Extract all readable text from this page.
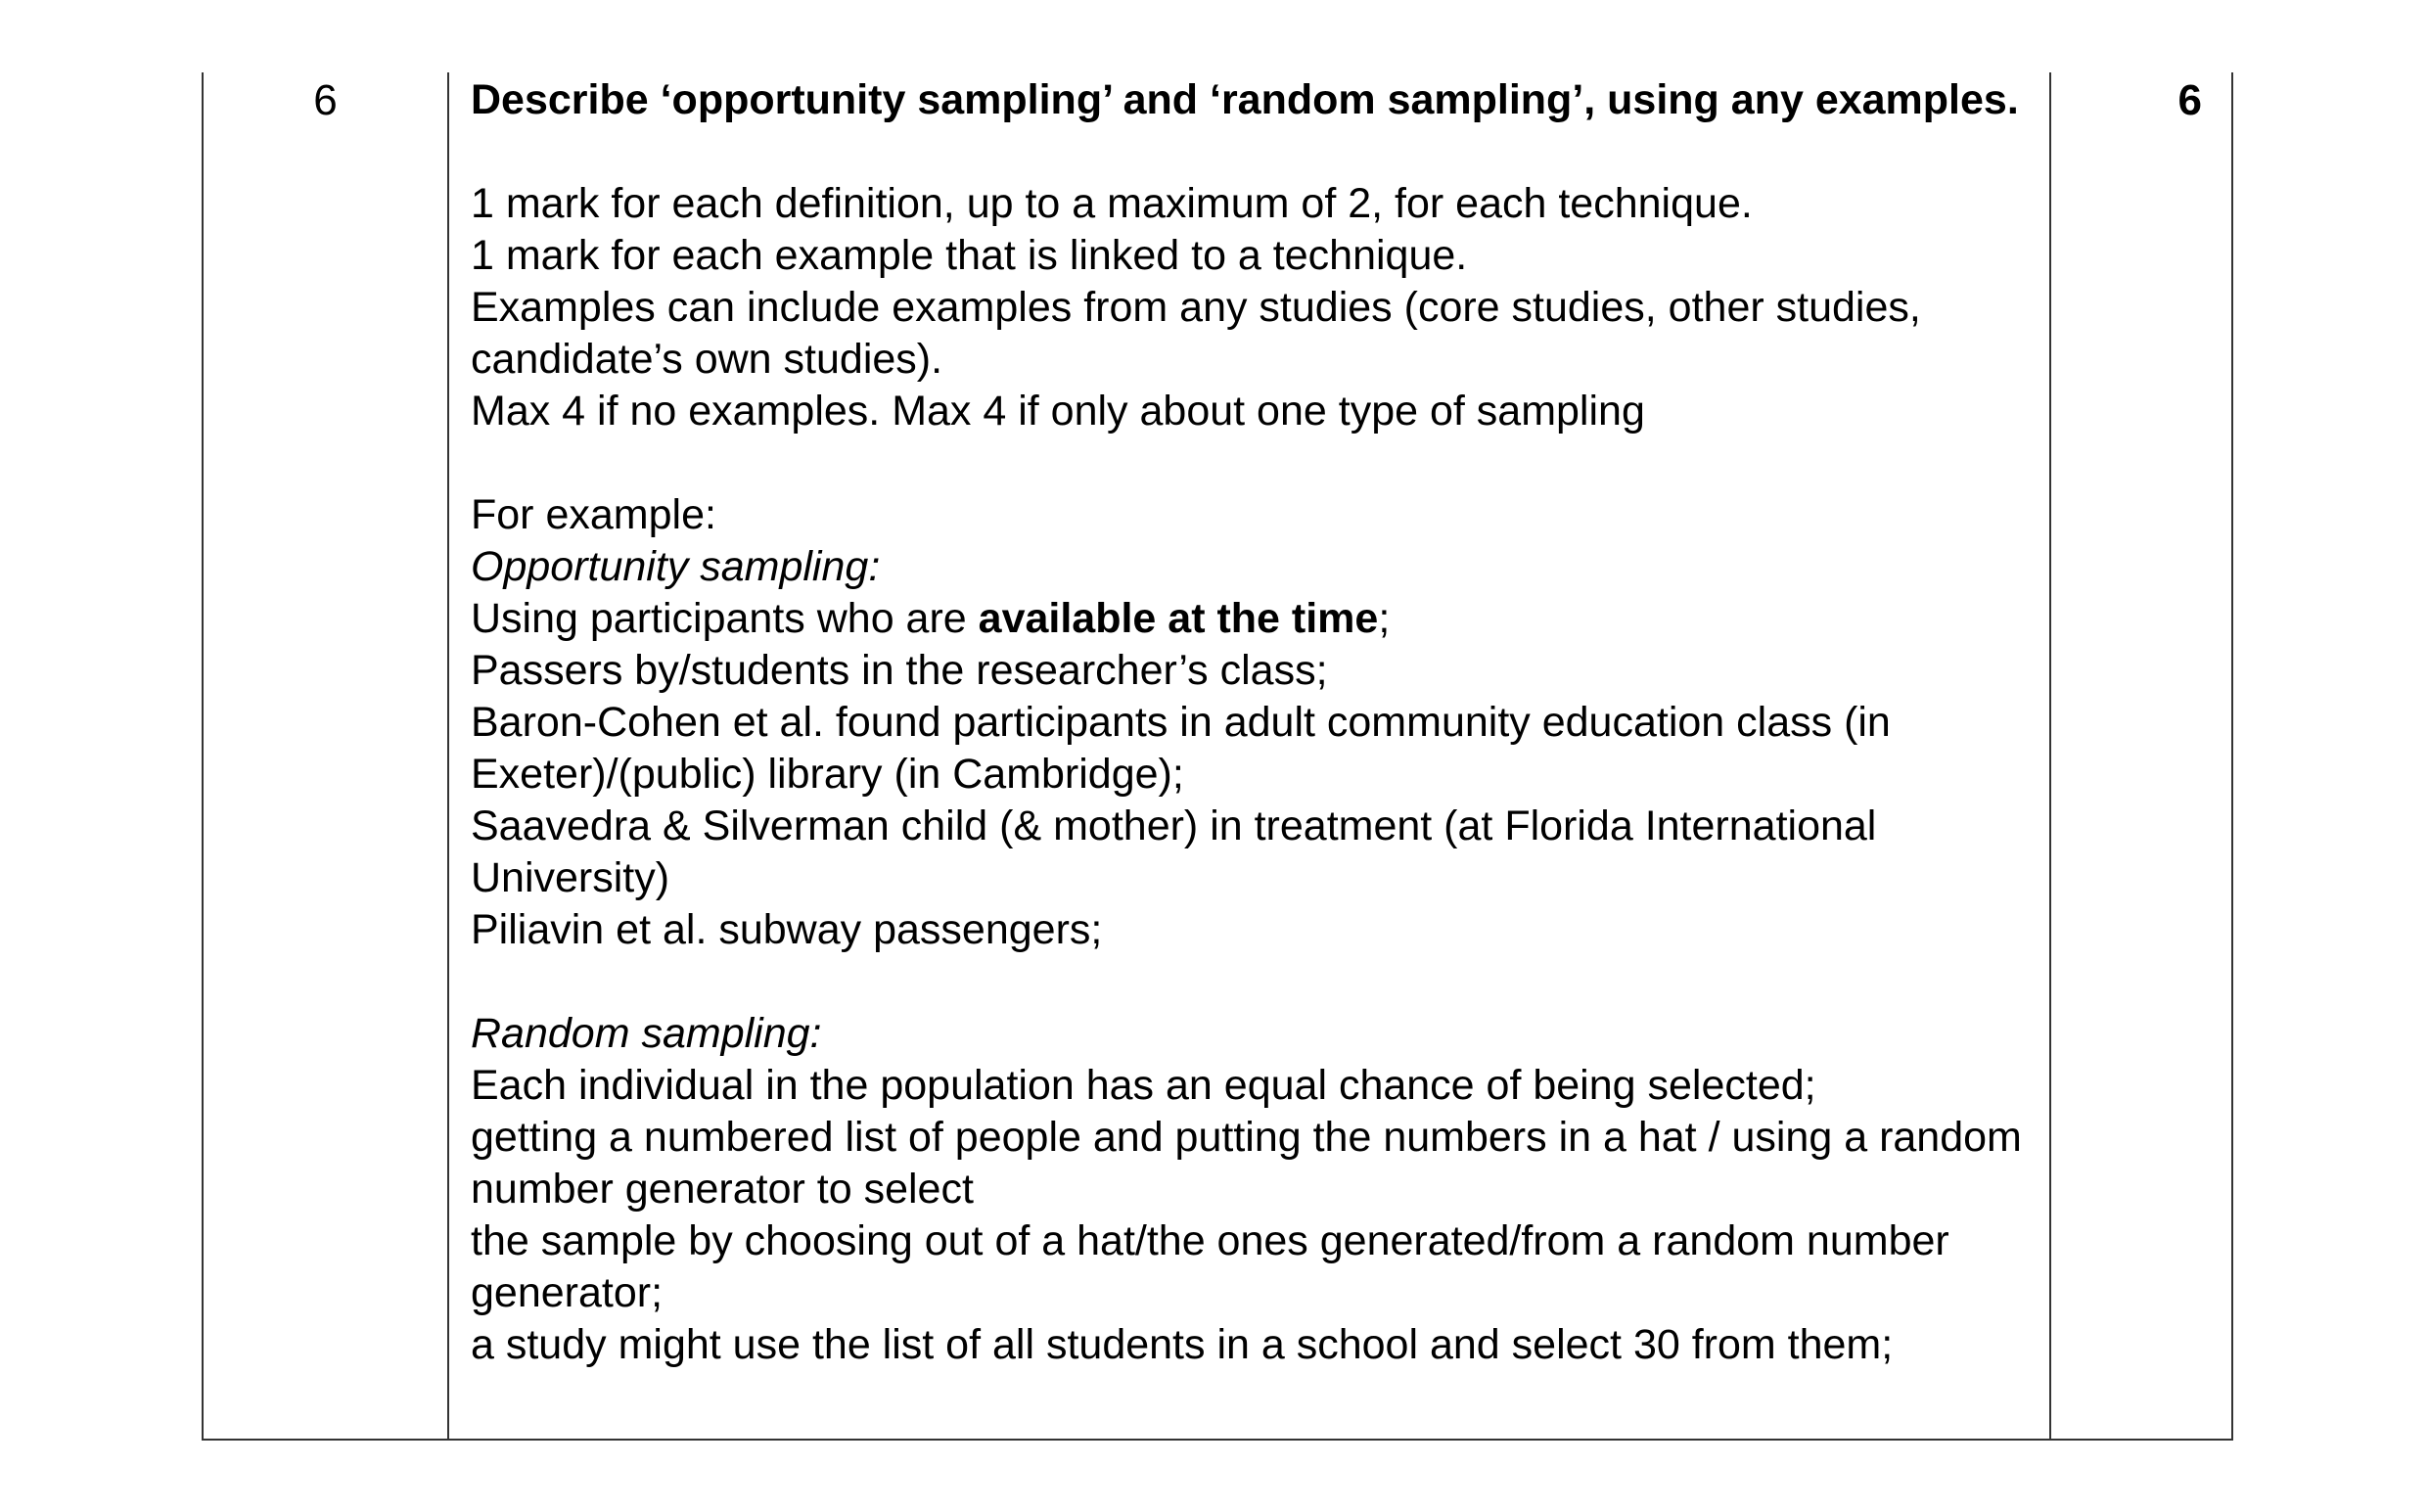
6	Describe ‘opportunity sampling’ and ‘random sampling’, using any examples.

1 mark for each definition, up to a maximum of 2, for each technique.

1 mark for each example that is linked to a technique.

Examples can include examples from any studies (core studies, other studies, candidate’s own studies).

Max 4 if no examples. Max 4 if only about one type of sampling

For example:

Opportunity sampling:

Using participants who are available at the time;

Passers by/students in the researcher’s class;

Baron-Cohen et al. found participants in adult community education class (in Exeter)/(public) library (in Cambridge);

Saavedra & Silverman child (& mother) in treatment (at Florida International University)

Piliavin et al. subway passengers;

Random sampling:

Each individual in the population has an equal chance of being selected;

getting a numbered list of people and putting the numbers in a hat / using a random number generator to select

the sample by choosing out of a hat/the ones generated/from a random number generator;

a study might use the list of all students in a school and select 30 from them;

6
